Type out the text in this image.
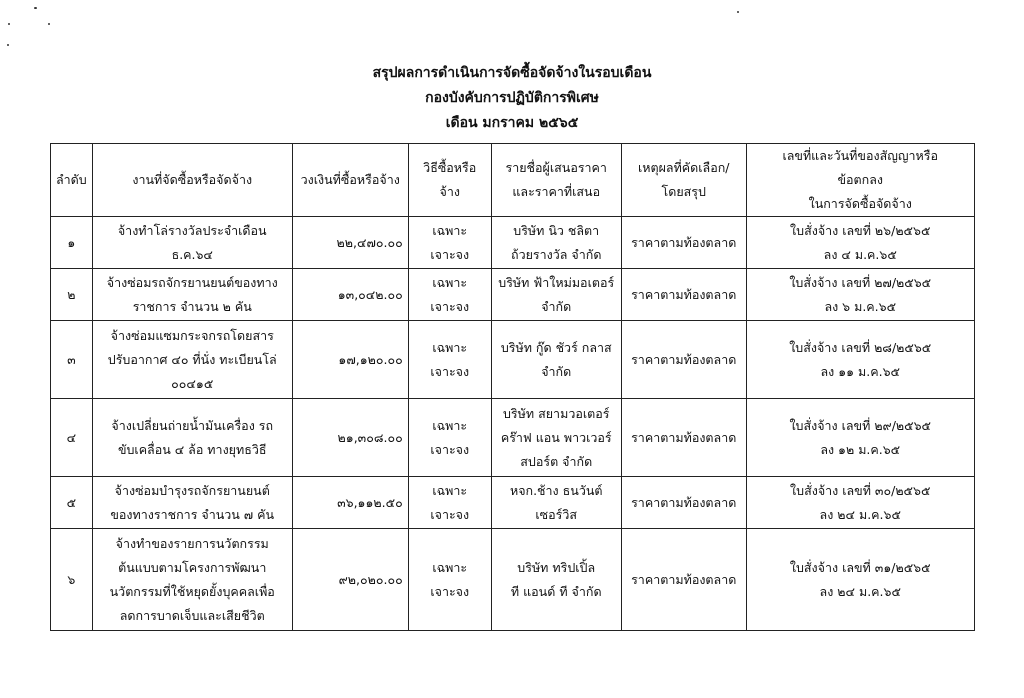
สรุปผลการดำเนินการจัดซื้อจัดจ้างในรอบเดือน
กองบังคับการปฏิบัติการพิเศษ
เดือน มกราคม ๒๕๖๕
ลำดับ	งานที่จัดซื้อหรือจัดจ้าง	วงเงินที่ซื้อหรือจ้าง	วิธีซื้อหรือจ้าง	รายชื่อผู้เสนอราคา
และราคาที่เสนอ	เหตุผลที่คัดเลือก/
โดยสรุป	เลขที่และวันที่ของสัญญาหรือ
ข้อตกลง
ในการจัดซื้อจัดจ้าง
๑	จ้างทำโล่รางวัลประจำเดือน
ธ.ค.๖๔	๒๒,๔๗๐.๐๐	เฉพาะเจาะจง	บริษัท นิว ชลิตา
ถ้วยรางวัล จำกัด	ราคาตามท้องตลาด	ใบสั่งจ้าง เลขที่ ๒๖/๒๕๖๕
ลง ๔ ม.ค.๖๕
๒	จ้างซ่อมรถจักรยานยนต์ของทาง
ราชการ จำนวน ๒ คัน	๑๓,๐๔๒.๐๐	เฉพาะเจาะจง	บริษัท ฟ้าใหม่มอเตอร์
จำกัด	ราคาตามท้องตลาด	ใบสั่งจ้าง เลขที่ ๒๗/๒๕๖๕
ลง ๖ ม.ค.๖๕
๓	จ้างซ่อมแซมกระจกรถโดยสาร
ปรับอากาศ ๔๐ ที่นั่ง ทะเบียนโล่
๐๐๔๑๕	๑๗,๑๒๐.๐๐	เฉพาะเจาะจง	บริษัท กู๊ด ชัวร์ กลาส
จำกัด	ราคาตามท้องตลาด	ใบสั่งจ้าง เลขที่ ๒๘/๒๕๖๕
ลง ๑๑ ม.ค.๖๕
๔	จ้างเปลี่ยนถ่ายน้ำมันเครื่อง รถ
ขับเคลื่อน ๔ ล้อ ทางยุทธวิธี	๒๑,๓๐๘.๐๐	เฉพาะเจาะจง	บริษัท สยามวอเตอร์
คร๊าฟ แอน พาวเวอร์
สปอร์ต จำกัด	ราคาตามท้องตลาด	ใบสั่งจ้าง เลขที่ ๒๙/๒๕๖๕
ลง ๑๒ ม.ค.๖๕
๕	จ้างซ่อมบำรุงรถจักรยานยนต์
ของทางราชการ จำนวน ๗ คัน	๓๖,๑๑๒.๕๐	เฉพาะเจาะจง	หจก.ช้าง ธนวันต์
เซอร์วิส	ราคาตามท้องตลาด	ใบสั่งจ้าง เลขที่ ๓๐/๒๕๖๕
ลง ๒๔ ม.ค.๖๕
๖	จ้างทำของรายการนวัตกรรม
ต้นแบบตามโครงการพัฒนา
นวัตกรรมที่ใช้หยุดยั้งบุคคลเพื่อ
ลดการบาดเจ็บและเสียชีวิต	๙๒,๐๒๐.๐๐	เฉพาะเจาะจง	บริษัท ทริปเปิ้ล
ที แอนด์ ที จำกัด	ราคาตามท้องตลาด	ใบสั่งจ้าง เลขที่ ๓๑/๒๕๖๕
ลง ๒๔ ม.ค.๖๕
